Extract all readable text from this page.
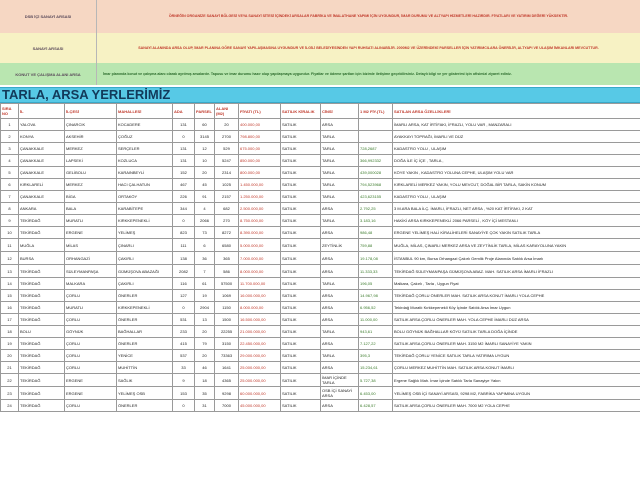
DSB İÇİ SANAYİ ARSASI	ÖRNEĞİN ORGANİZE SANAYİ BÖLGESİ VEYA SANAYİ SİTESİ İÇİNDEKİ ARSALAR FABRİKA VE İMALATHANE YAPIMI İÇİN UYGUNDUR, İMAR DURUMU VE ALTYAPI HİZMETLERİ HAZIRDIR. FİYATLARI VE YATIRIM DEĞERİ YÜKSEKTİR.
SANAYİ ARSASI	SANAYİ ALANINDA ARSA OLUP, İMAR PLANINA GÖRE SANAYİ YAPILAŞMASINA UYGUNDUR VE İLGİLİ BELEDİYESİNDEN YAPI RUHSATI ALINABİLİR. 2000M2 VE ÜZERİNDEKİ PARSELLER İÇİN YATIRIMCILARA ÖNERİLİR, ALTYAPI VE ULAŞIM İMKANLARI MEVCUTTUR.
KONUT VE ÇALIŞMA ALANI ARSA	İmar planında konut ve çalışma alanı olarak ayrılmış arsalardır. Tapusu ve imar durumu hazır olup yapılaşmaya uygundur. Fiyatlar ve ödeme şartları için bizimle iletişime geçebilirsiniz. Detaylı bilgi ve yer gösterimi için ofisimizi ziyaret ediniz.
TARLA, ARSA YERLERİMİZ
SIRA NO	İL	İLÇESİ	MAHALLESİ	ADA	PARSEL	ALANI (M2)	FİYATI (TL)	SATILIK KİRALIK	CİNSİ	1 M2 FİY.(TL)	SATILAN ARSA ÖZELLİKLERİ
1	YALOVA	ÇINARCIK	KOCADERE	131	60	20	400.000,00	SATILIK	ARSA		İMARLI ARSA, KAT İRTİFAKI, İFRAZLI, YOLU VAR , MANZARALI
2	KONYA	AKSEHİR	ÇOĞUZ	0	3145	2700	798.800,00	SATILIK	TARLA		AYAKKAYI TOPRAĞI, İMARLI VE DÜZ
3	ÇANAKKALE	MERKEZ	SERÇELER	131	12	529	675.000,00	SATILIK	TARLA	728,2687	KADASTRO YOLU , ULAŞIM
4	ÇANAKKALE	LAPSEKİ	KOZLUCA	131	10	5247	850.000,00	SATILIK	TARLA	366,992332	DOĞA İLE İÇ İÇE , TARLA ,
5	ÇANAKKALE	GELİBOLU	KARAINBEYLİ	152	20	2314	800.000,00	SATILIK	TARLA	439,000028	KÖYE YAKIN , KADASTRO YOLUNA CEPHE, ULAŞIM YOLU VAR
6	KIRKLARELİ	MERKEZ	HACI ÇALHATUN	467	45	1025	1.450.000,00	SATILIK	TARLA	794,523968	KIRKLARELİ MERKEZ YAKIN, YOLU MEVCUT, DOĞAL BİR TARLA, SAKİN KONUM
7	ÇANAKKALE	BİGA	ORTAKÖY	226	91	2157	1.250.000,00	SATILIK	TARLA	423,623155	KADASTRO YOLU , ULAŞIM
8	ANKARA	BALA	KARABİTEPE	344	4	682	2.500.000,00	SATILIK	ARSA	2.792,25	3 M.ARA BALA İLÇ. İMARLI, İFRAZLI, NET ARSA , %20 KAT İRTİFAKI, 2 KAT
9	TEKİRDAĞ	MURATLI	KIRKKEPENEKLİ	0	2066	270	8.750.000,00	SATILIK	TARLA	3.183,16	HAKİKİ ARSA KIRKKEPENEKLİ 2066 PARSELİ , KÖY İÇİ MESTANLI
10	TEKİRDAĞ	ERGENE	YELİMEŞ	823	73	8272	8.390.000,00	SATILIK	ARSA	986,48	ERGENE YELİMEŞ HALİ KİRALİHELERİ SANAYİYE ÇOK YAKIN SATILIK TARLA
11	MUĞLA	MİLAS	ÇINARLI	111	6	6580	5.000.000,00	SATILIK	ZEYTİNLİK	759,88	MUĞLA, MİLAS, ÇINARLI MERKEZ ARSA VE ZEYTİNLİK TARLA, MİLAS KARAYOLUNA YAKIN
12	BURSA	ORHANGAZİ	ÇAKIRLI	138	36	365	7.000.000,00	SATILIK	ARSA	19.178,08	İSTANBUL 90 km, Bursa Orhangazi Çakırlı Gemlik Proje Alanında Satılık Arsa İmarlı
13	TEKİRDAĞ	SÜLEYMANPAŞA	GÜMÜŞOVA ABAZAĞI	2082	7	586	8.000.000,00	SATILIK	ARSA	11.333,33	TEKİRDAĞ SÜLEYMANPAŞA GÜMÜŞOVA ABAZ. MAH. SATILIK ARSA İMARLI İFRAZLI
14	TEKİRDAĞ	MALKARA	ÇAKIRLI	116	61	57500	11.700.000,00	SATILIK	TARLA	196,05	Malkara, Çakırlı , Tarla , Uygun Fiyat
15	TEKİRDAĞ	ÇORLU	ÖNERLER	127	19	1069	16.000.000,00	SATILIK	ARSA	14.967,98	TEKİRDAĞ ÇORLU ÖNERLER MAH. SATILIK ARSA KONUT İMARLI YOLA CEPHE
16	TEKİRDAĞ	MURATLI	KIRKKEPENEKLİ	0	2904	1150	8.000.000,00	SATILIK	ARSA	6.956,52	Tekirdağ Muratlı Kırkkepenekli Köy İçinde Satılık Arsa İmar Uygun
17	TEKİRDAĞ	ÇORLU	ÖNERLER	531	13	1500	16.500.000,00	SATILIK	ARSA	11.000,00	SATILIK ARSA ÇORLU ÖNERLER MAH. YOLA CEPHE İMARLI DÜZ ARSA
18	BOLU	GÖYNÜK	BAĞHALLAR	233	20	22255	21.000.000,00	SATILIK	TARLA	943,61	BOLU GÖYNÜK BAĞHALLAR KÖYÜ SATILIK TARLA DOĞA İÇİNDE
19	TEKİRDAĞ	ÇORLU	ÖNERLER	415	79	3150	22.450.000,00	SATILIK	ARSA	7.127,22	SATILIK ARSA ÇORLU ÖNERLER MAH. 3150 M2 İMARLI SANAYİYE YAKIN
20	TEKİRDAĞ	ÇORLU	YENİCE	537	20	73363	29.000.000,00	SATILIK	TARLA	395,3	TEKİRDAĞ ÇORLU YENİCE SATILIK TARLA YATIRIMA UYGUN
21	TEKİRDAĞ	ÇORLU	MUHİTTİN	33	46	1641	25.000.000,00	SATILIK	ARSA	15.234,61	ÇORLU MERKEZ MUHİTTİN MAH. SATILIK ARSA KONUT İMARLI
22	TEKİRDAĞ	ERGENE	SAĞLIK	9	18	4365	25.000.000,00	SATILIK	İMAR İÇİNDE TARLA	5.727,38	Ergene Sağlık Mah. İmar İçinde Satılık Tarla Sanayiye Yakın
23	TEKİRDAĞ	ERGENE	YELİMEŞ OSB	153	35	9298	60.000.000,00	SATILIK	OSB İÇİ SANAYİ ARSA	6.453,00	YELİMEŞ OSB İÇİ SANAYİ ARSASI, 9298 M2, FABRİKA YAPIMINA UYGUN
24	TEKİRDAĞ	ÇORLU	ÖNERLER	0	31	7000	45.000.000,00	SATILIK	ARSA	6.428,57	SATILIK ARSA ÇORLU ÖNERLER MAH. 7000 M2 YOLA CEPHE
